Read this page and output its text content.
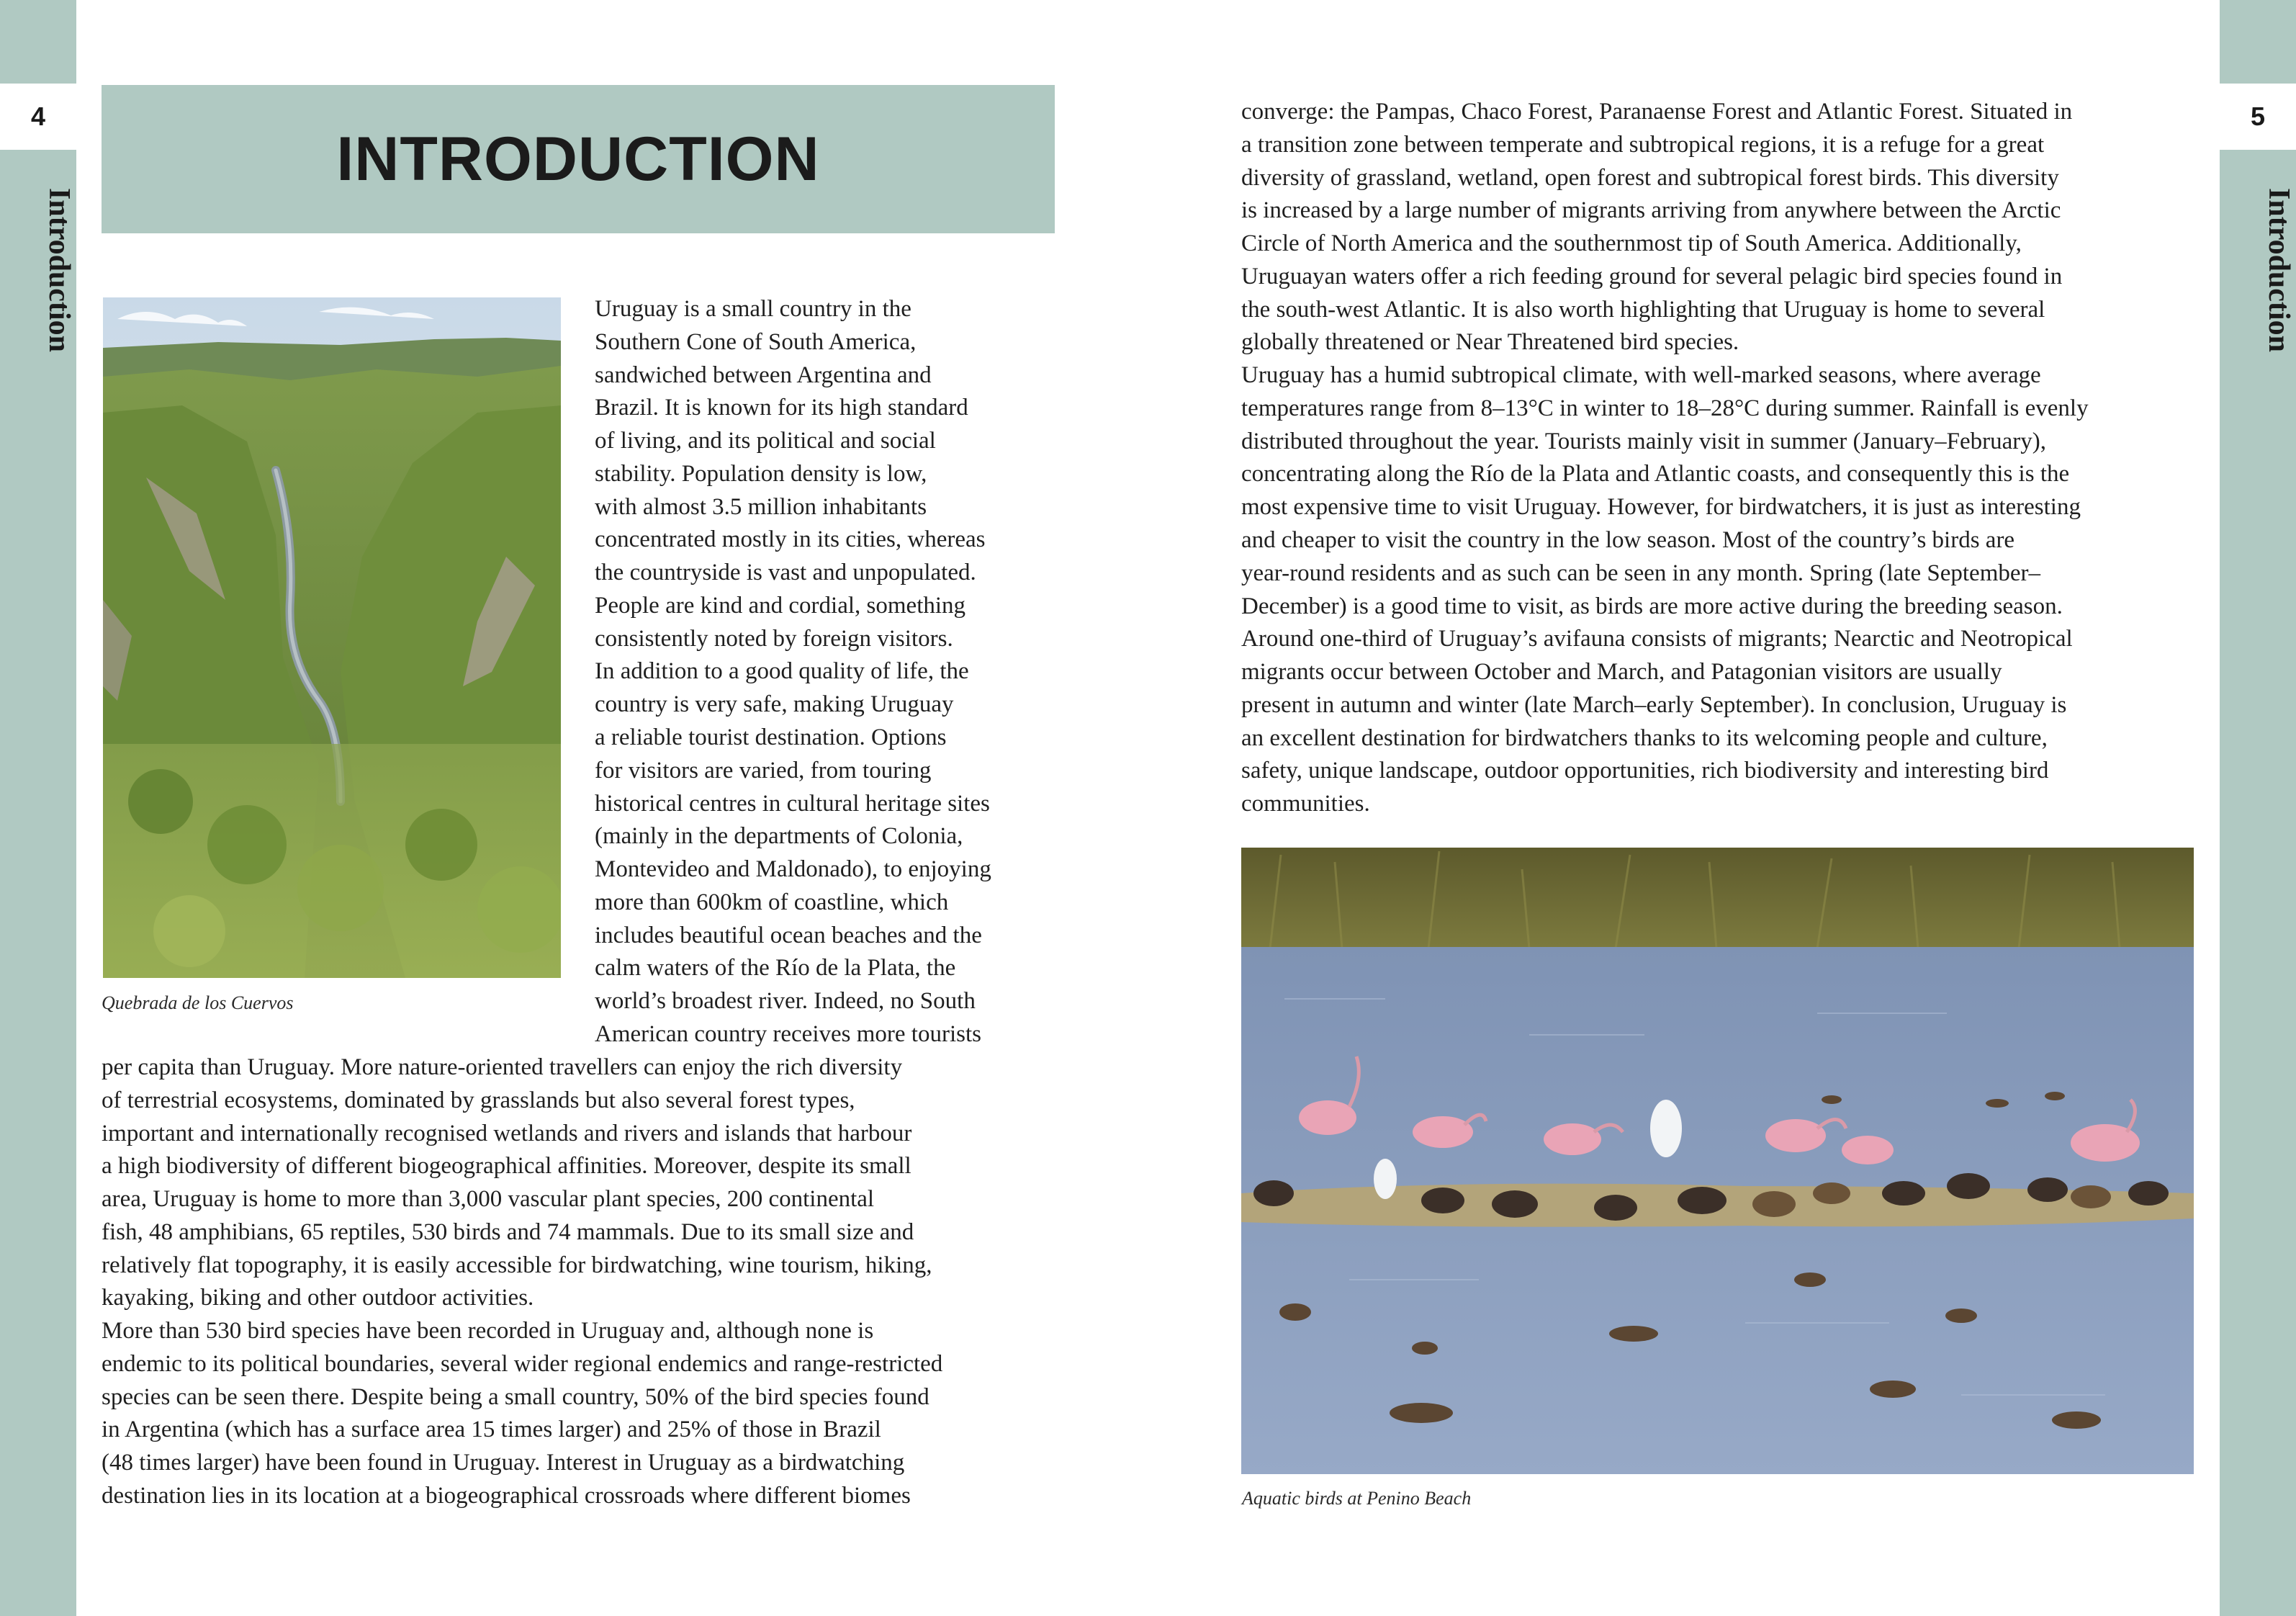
4	5
Introduction	Introduction
INTRODUCTION
Quebrada de los Cuervos
Uruguay is a small country in the
Southern Cone of South America,
sandwiched between Argentina and
Brazil. It is known for its high standard
of living, and its political and social
stability. Population density is low,
with almost 3.5 million inhabitants
concentrated mostly in its cities, whereas
the countryside is vast and unpopulated.
People are kind and cordial, something
consistently noted by foreign visitors.
In addition to a good quality of life, the
country is very safe, making Uruguay
a reliable tourist destination. Options
for visitors are varied, from touring
historical centres in cultural heritage sites
(mainly in the departments of Colonia,
Montevideo and Maldonado), to enjoying
more than 600km of coastline, which
includes beautiful ocean beaches and the
calm waters of the Río de la Plata, the
world’s broadest river. Indeed, no South
American country receives more tourists
per capita than Uruguay. More nature-oriented travellers can enjoy the rich diversity
of terrestrial ecosystems, dominated by grasslands but also several forest types,
important and internationally recognised wetlands and rivers and islands that harbour
a high biodiversity of different biogeographical affinities. Moreover, despite its small
area, Uruguay is home to more than 3,000 vascular plant species, 200 continental
fish, 48 amphibians, 65 reptiles, 530 birds and 74 mammals. Due to its small size and
relatively flat topography, it is easily accessible for birdwatching, wine tourism, hiking,
kayaking, biking and other outdoor activities.
More than 530 bird species have been recorded in Uruguay and, although none is
endemic to its political boundaries, several wider regional endemics and range-restricted
species can be seen there. Despite being a small country, 50% of the bird species found
in Argentina (which has a surface area 15 times larger) and 25% of those in Brazil
(48 times larger) have been found in Uruguay. Interest in Uruguay as a birdwatching
destination lies in its location at a biogeographical crossroads where different biomes
converge: the Pampas, Chaco Forest, Paranaense Forest and Atlantic Forest. Situated in
a transition zone between temperate and subtropical regions, it is a refuge for a great
diversity of grassland, wetland, open forest and subtropical forest birds. This diversity
is increased by a large number of migrants arriving from anywhere between the Arctic
Circle of North America and the southernmost tip of South America. Additionally,
Uruguayan waters offer a rich feeding ground for several pelagic bird species found in
the south-west Atlantic. It is also worth highlighting that Uruguay is home to several
globally threatened or Near Threatened bird species.
Uruguay has a humid subtropical climate, with well-marked seasons, where average
temperatures range from 8–13°C in winter to 18–28°C during summer. Rainfall is evenly
distributed throughout the year. Tourists mainly visit in summer (January–February),
concentrating along the Río de la Plata and Atlantic coasts, and consequently this is the
most expensive time to visit Uruguay. However, for birdwatchers, it is just as interesting
and cheaper to visit the country in the low season. Most of the country’s birds are
year-round residents and as such can be seen in any month. Spring (late September–
December) is a good time to visit, as birds are more active during the breeding season.
Around one-third of Uruguay’s avifauna consists of migrants; Nearctic and Neotropical
migrants occur between October and March, and Patagonian visitors are usually
present in autumn and winter (late March–early September). In conclusion, Uruguay is
an excellent destination for birdwatchers thanks to its welcoming people and culture,
safety, unique landscape, outdoor opportunities, rich biodiversity and interesting bird
communities.
Aquatic birds at Penino Beach
